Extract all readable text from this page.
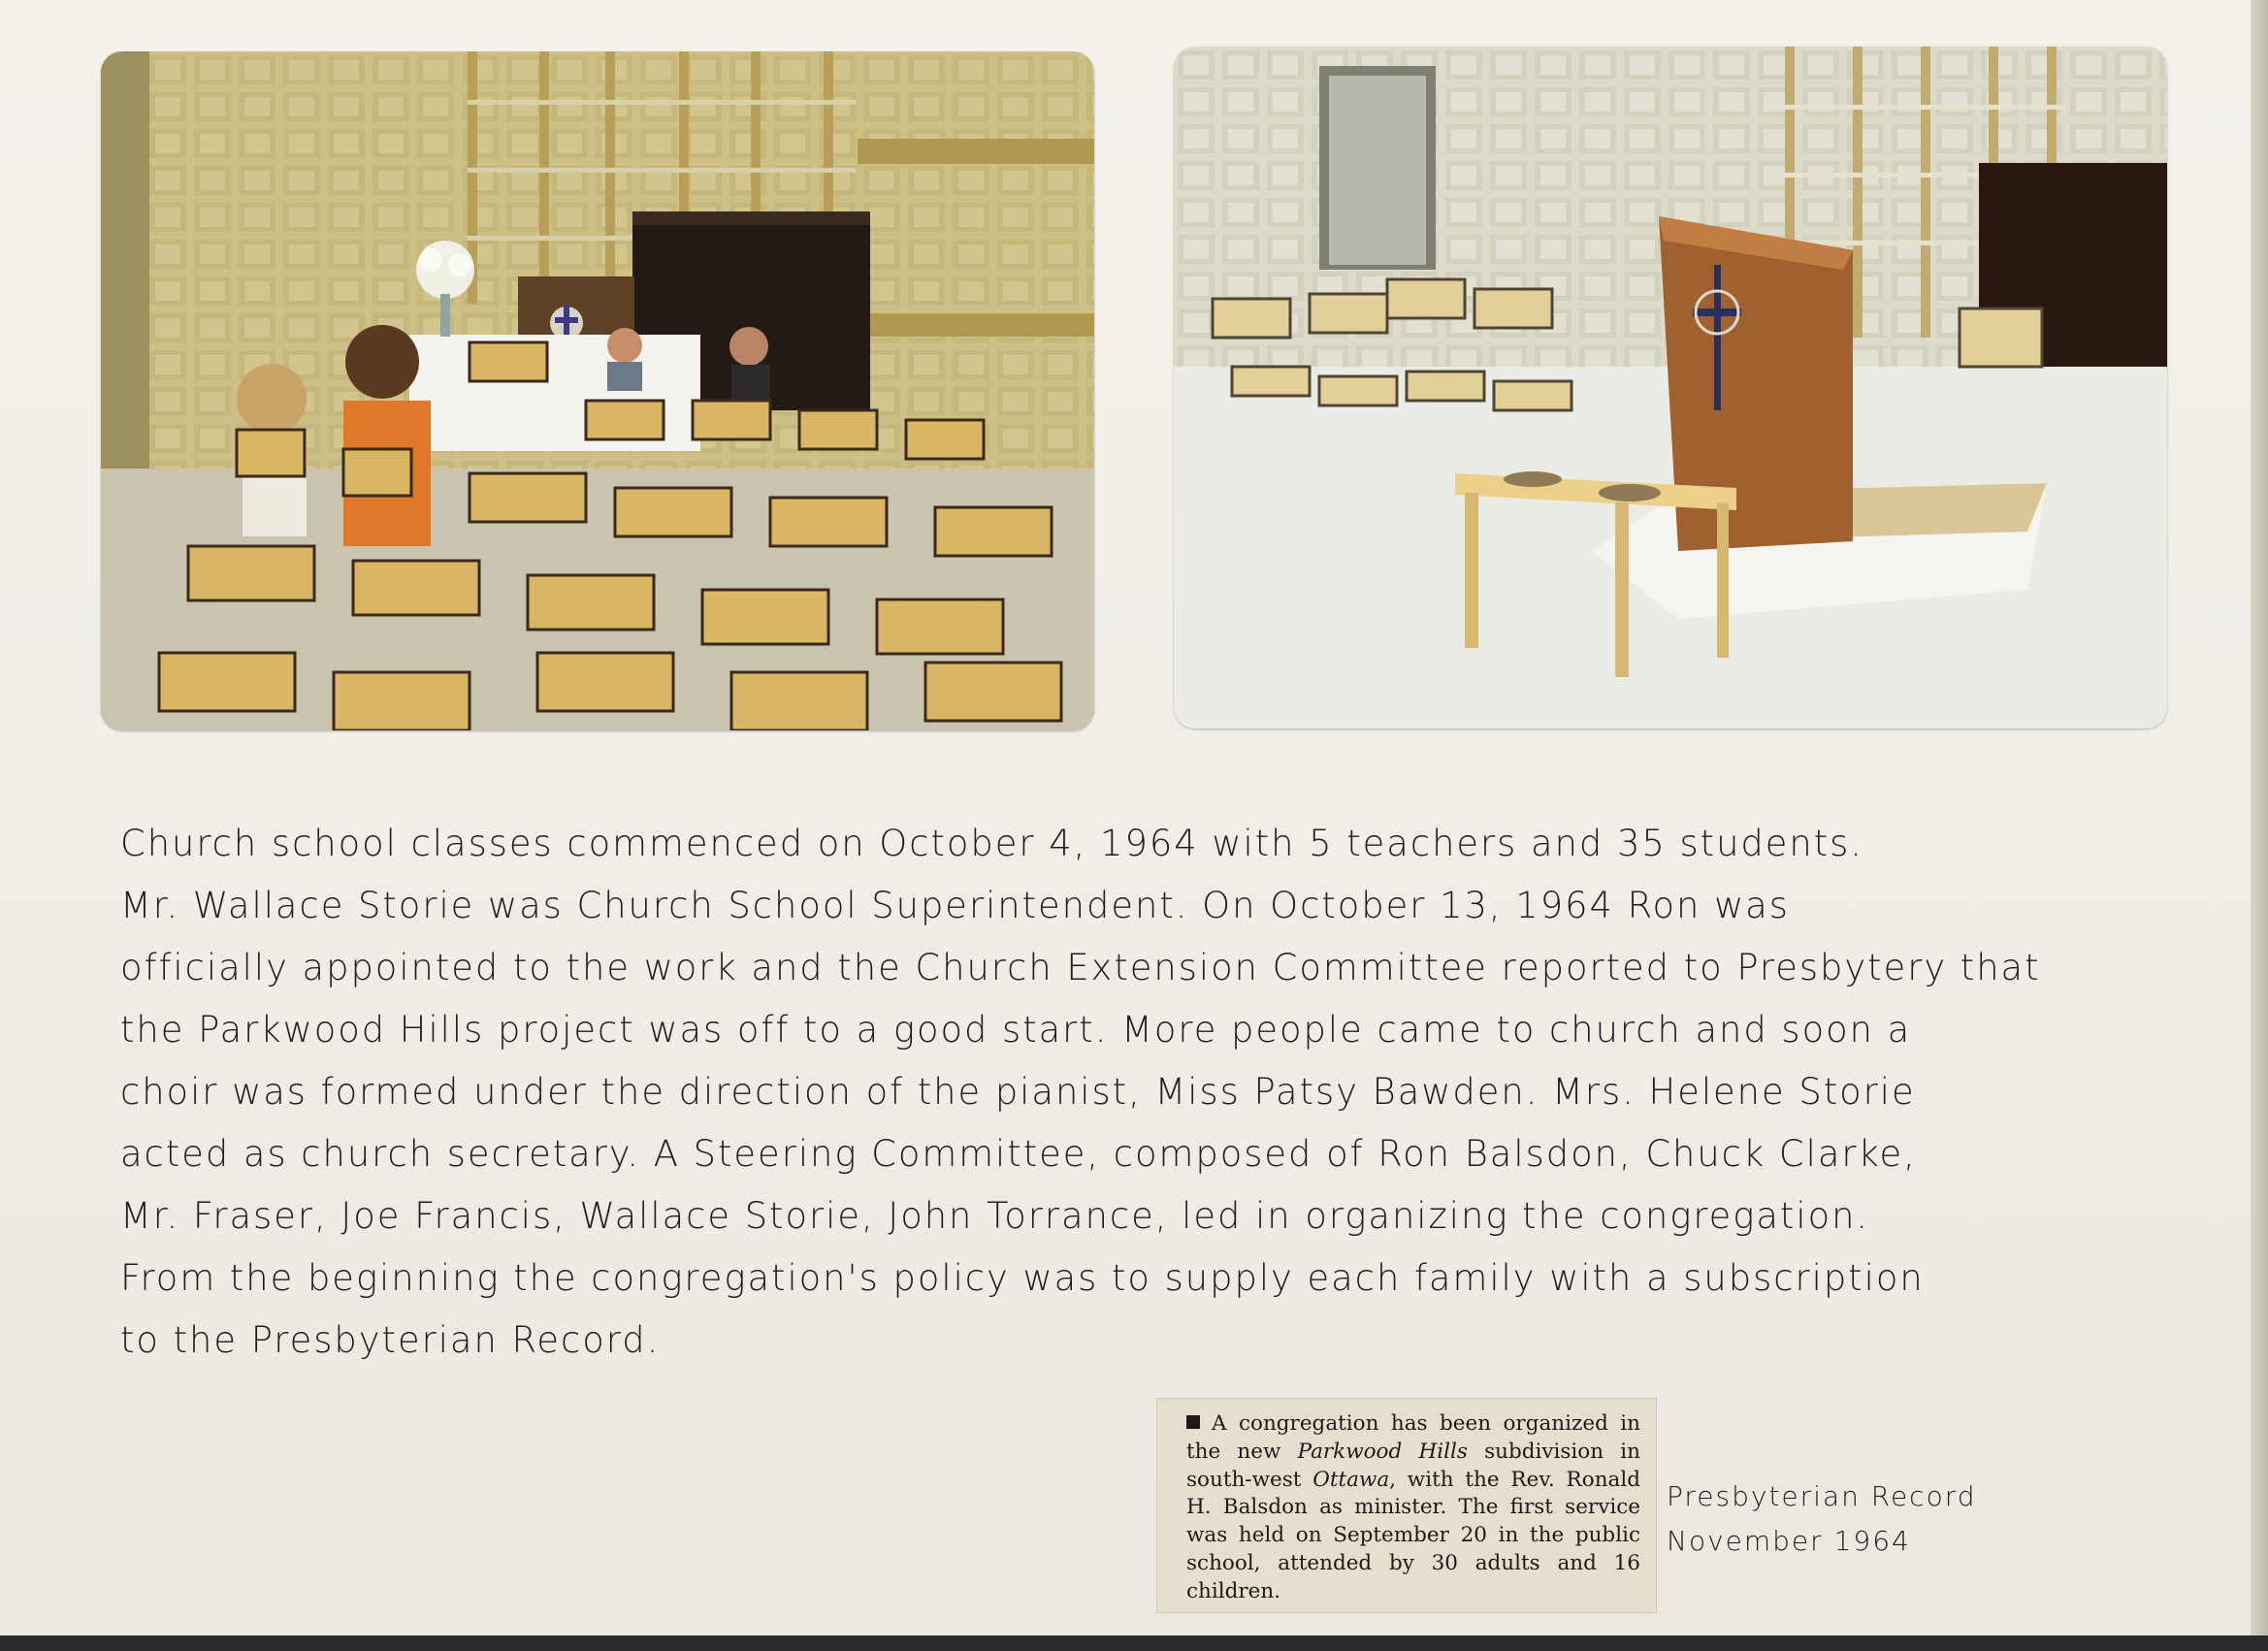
Church school classes commenced on October 4, 1964 with 5 teachers and 35 students.
Mr. Wallace Storie was Church School Superintendent. On October 13, 1964 Ron was
officially appointed to the work and the Church Extension Committee reported to Presbytery that
the Parkwood Hills project was off to a good start. More people came to church and soon a
choir was formed under the direction of the pianist, Miss Patsy Bawden. Mrs. Helene Storie
acted as church secretary. A Steering Committee, composed of Ron Balsdon, Chuck Clarke,
Mr. Fraser, Joe Francis, Wallace Storie, John Torrance, led in organizing the congregation.
From the beginning the congregation's policy was to supply each family with a subscription
to the Presbyterian Record.
A congregation has been organized in the new Parkwood Hills subdivision in south-west Ottawa, with the Rev. Ronald H. Balsdon as minister. The first service was held on September 20 in the public school, attended by 30 adults and 16 children.
Presbyterian Record
November 1964
